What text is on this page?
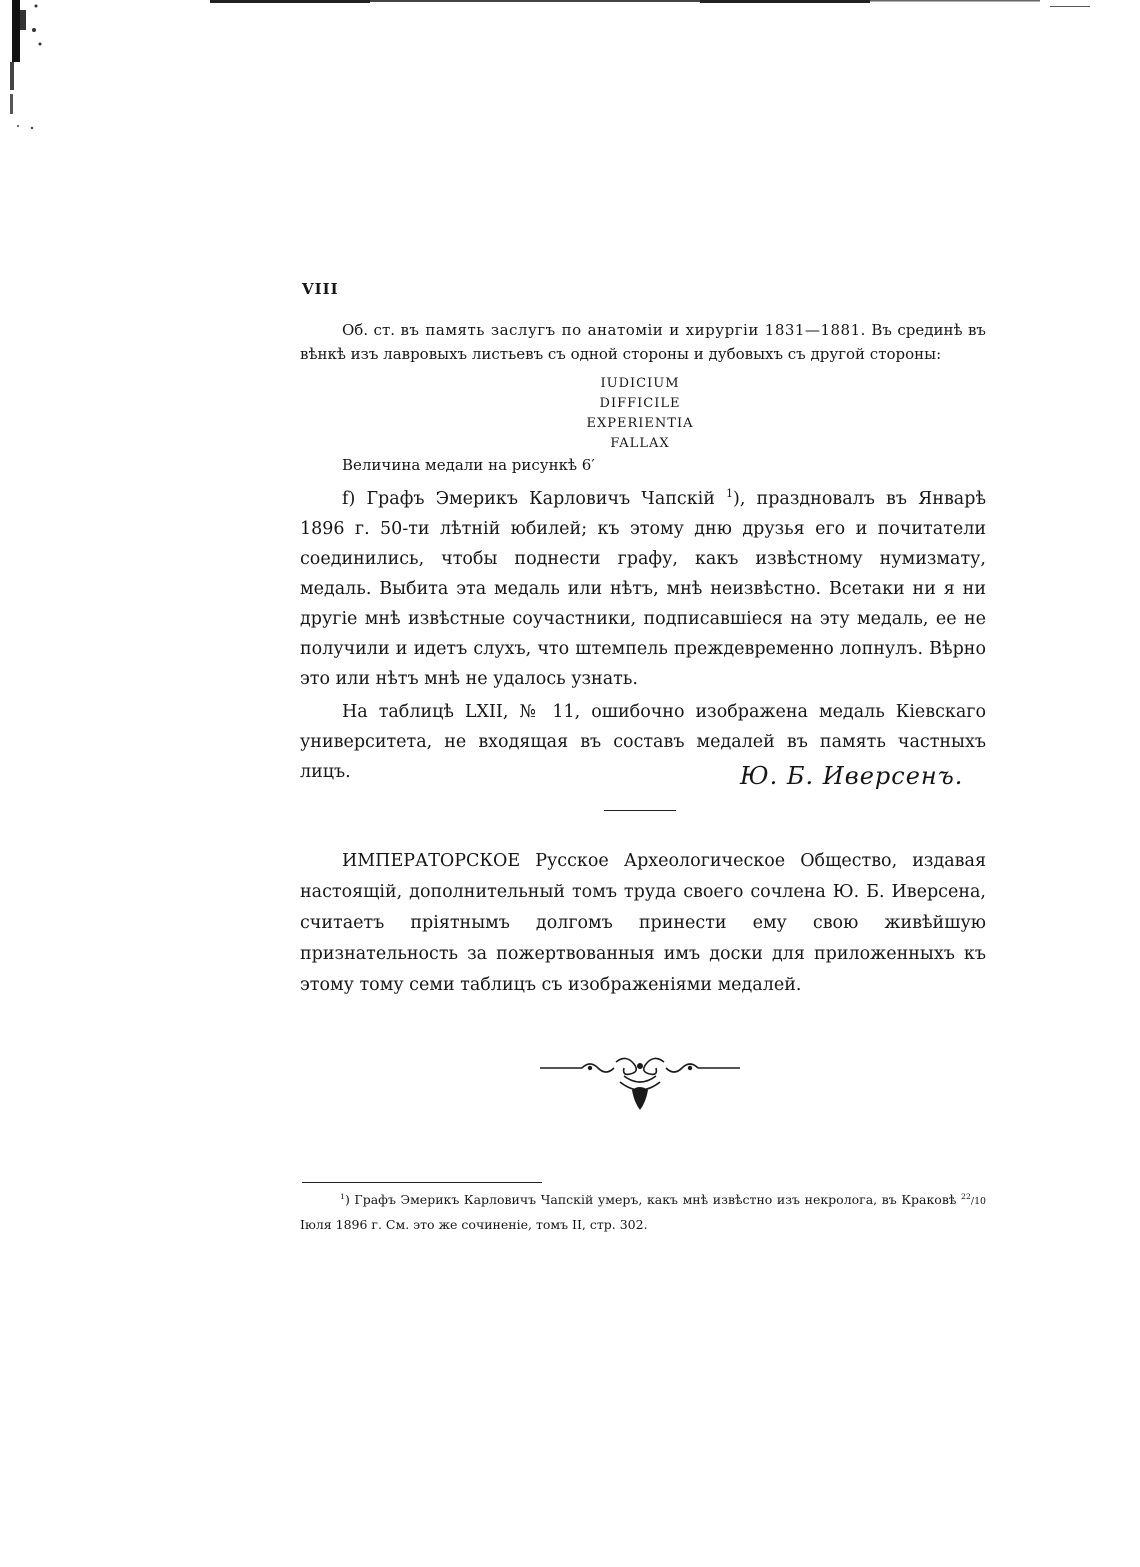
VIII
Об. ст. въ память заслугъ по анатоміи и хирургіи 1831—1881. Въ срединѣ въ вѣнкѣ изъ лавровыхъ листьевъ съ одной стороны и дубовыхъ съ другой стороны:
IUDICIUM
DIFFICILE
EXPERIENTIA
FALLAX
Величина медали на рисункѣ 6′

f) Графъ Эмерикъ Карловичъ Чапскій $^1$), праздновалъ въ Январѣ 1896 г. 50-ти лѣтній юбилей; къ этому дню друзья его и почитатели соединились, чтобы поднести графу, какъ извѣстному нумизмату, медаль. Выбита эта медаль или нѣтъ, мнѣ неизвѣстно. Всетаки ни я ни другіе мнѣ извѣстные соучастники, подписавшіеся на эту медаль, ее не получили и идетъ слухъ, что штемпель преждевременно лопнулъ. Вѣрно это или нѣтъ мнѣ не удалось узнать.

На таблицѣ LXII, № 11, ошибочно изображена медаль Кіевскаго университета, не входящая въ составъ медалей въ память частныхъ лицъ.	Ю. Б. Иверсенъ.

ИМПЕРАТОРСКОЕ Русское Археологическое Общество, издавая настоящій, дополнительный томъ труда своего сочлена Ю. Б. Иверсена, считаетъ пріятнымъ долгомъ принести ему свою живѣйшую признательность за пожертвованныя имъ доски для приложенныхъ къ этому тому семи таблицъ съ изображеніями медалей.

$^1$) Графъ Эмерикъ Карловичъ Чапскій умеръ, какъ мнѣ извѣстно изъ некролога, въ Краковѣ $^{22}$/10 Іюля 1896 г. См. это же сочиненіе, томъ II, стр. 302.
